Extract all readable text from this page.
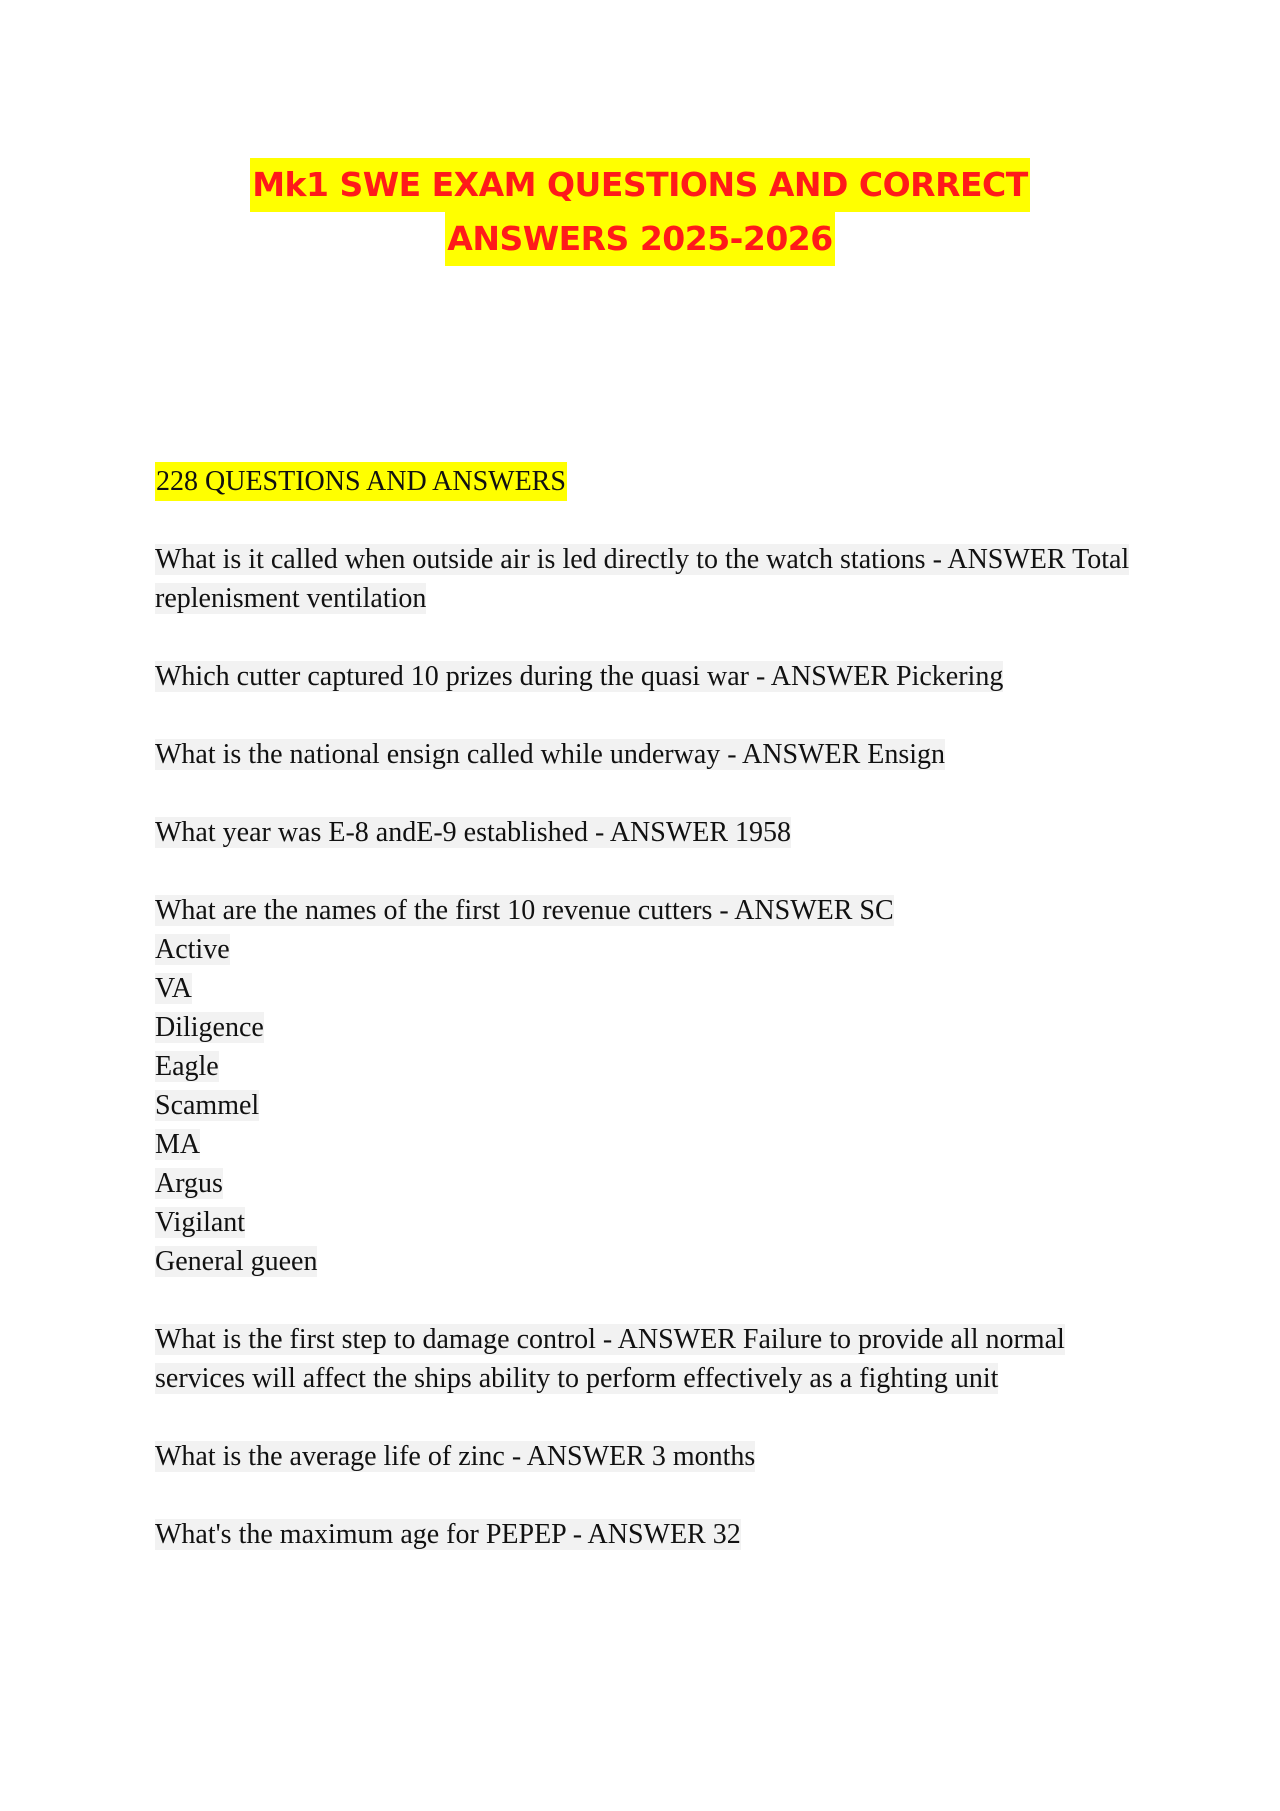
Mk1 SWE EXAM QUESTIONS AND CORRECT
ANSWERS 2025-2026
228 QUESTIONS AND ANSWERS
What is it called when outside air is led directly to the watch stations - ANSWER Total replenisment ventilation
Which cutter captured 10 prizes during the quasi war - ANSWER Pickering
What is the national ensign called while underway - ANSWER Ensign
What year was E-8 andE-9 established - ANSWER 1958
What are the names of the first 10 revenue cutters - ANSWER SC
Active
VA
Diligence
Eagle
Scammel
MA
Argus
Vigilant
General gueen
What is the first step to damage control - ANSWER Failure to provide all normal services will affect the ships ability to perform effectively as a fighting unit
What is the average life of zinc - ANSWER 3 months
What's the maximum age for PEPEP - ANSWER 32
